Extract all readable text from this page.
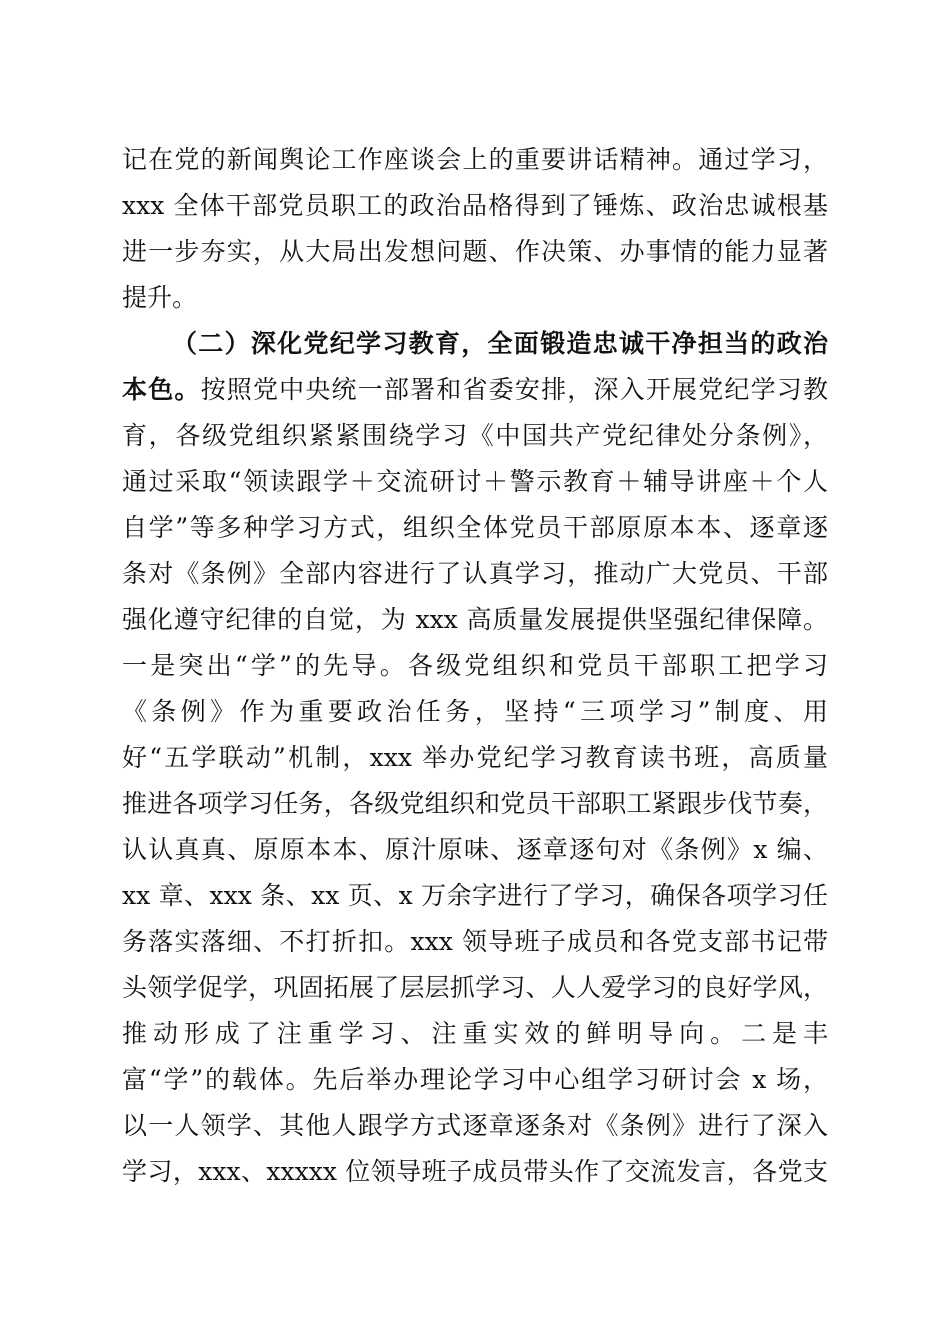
记在党的新闻舆论工作座谈会上的重要讲话精神。通过学习，
xxx 全体干部党员职工的政治品格得到了锤炼、政治忠诚根基
进一步夯实，从大局出发想问题、作决策、办事情的能力显著
提升。
（二）深化党纪学习教育，全面锻造忠诚干净担当的政治
本色。按照党中央统一部署和省委安排，深入开展党纪学习教
育，各级党组织紧紧围绕学习《中国共产党纪律处分条例》，
通过采取“领读跟学＋交流研讨＋警示教育＋辅导讲座＋个人
自学”等多种学习方式，组织全体党员干部原原本本、逐章逐
条对《条例》全部内容进行了认真学习，推动广大党员、干部
强化遵守纪律的自觉，为 xxx 高质量发展提供坚强纪律保障。
一是突出“学”的先导。各级党组织和党员干部职工把学习
《条例》作为重要政治任务，坚持“三项学习”制度、用
好“五学联动”机制，xxx 举办党纪学习教育读书班，高质量
推进各项学习任务，各级党组织和党员干部职工紧跟步伐节奏，
认认真真、原原本本、原汁原味、逐章逐句对《条例》x 编、
xx 章、xxx 条、xx 页、x 万余字进行了学习，确保各项学习任
务落实落细、不打折扣。xxx 领导班子成员和各党支部书记带
头领学促学，巩固拓展了层层抓学习、人人爱学习的良好学风，
推动形成了注重学习、注重实效的鲜明导向。二是丰
富“学”的载体。先后举办理论学习中心组学习研讨会 x 场，
以一人领学、其他人跟学方式逐章逐条对《条例》进行了深入
学习，xxx、xxxxx 位领导班子成员带头作了交流发言，各党支
